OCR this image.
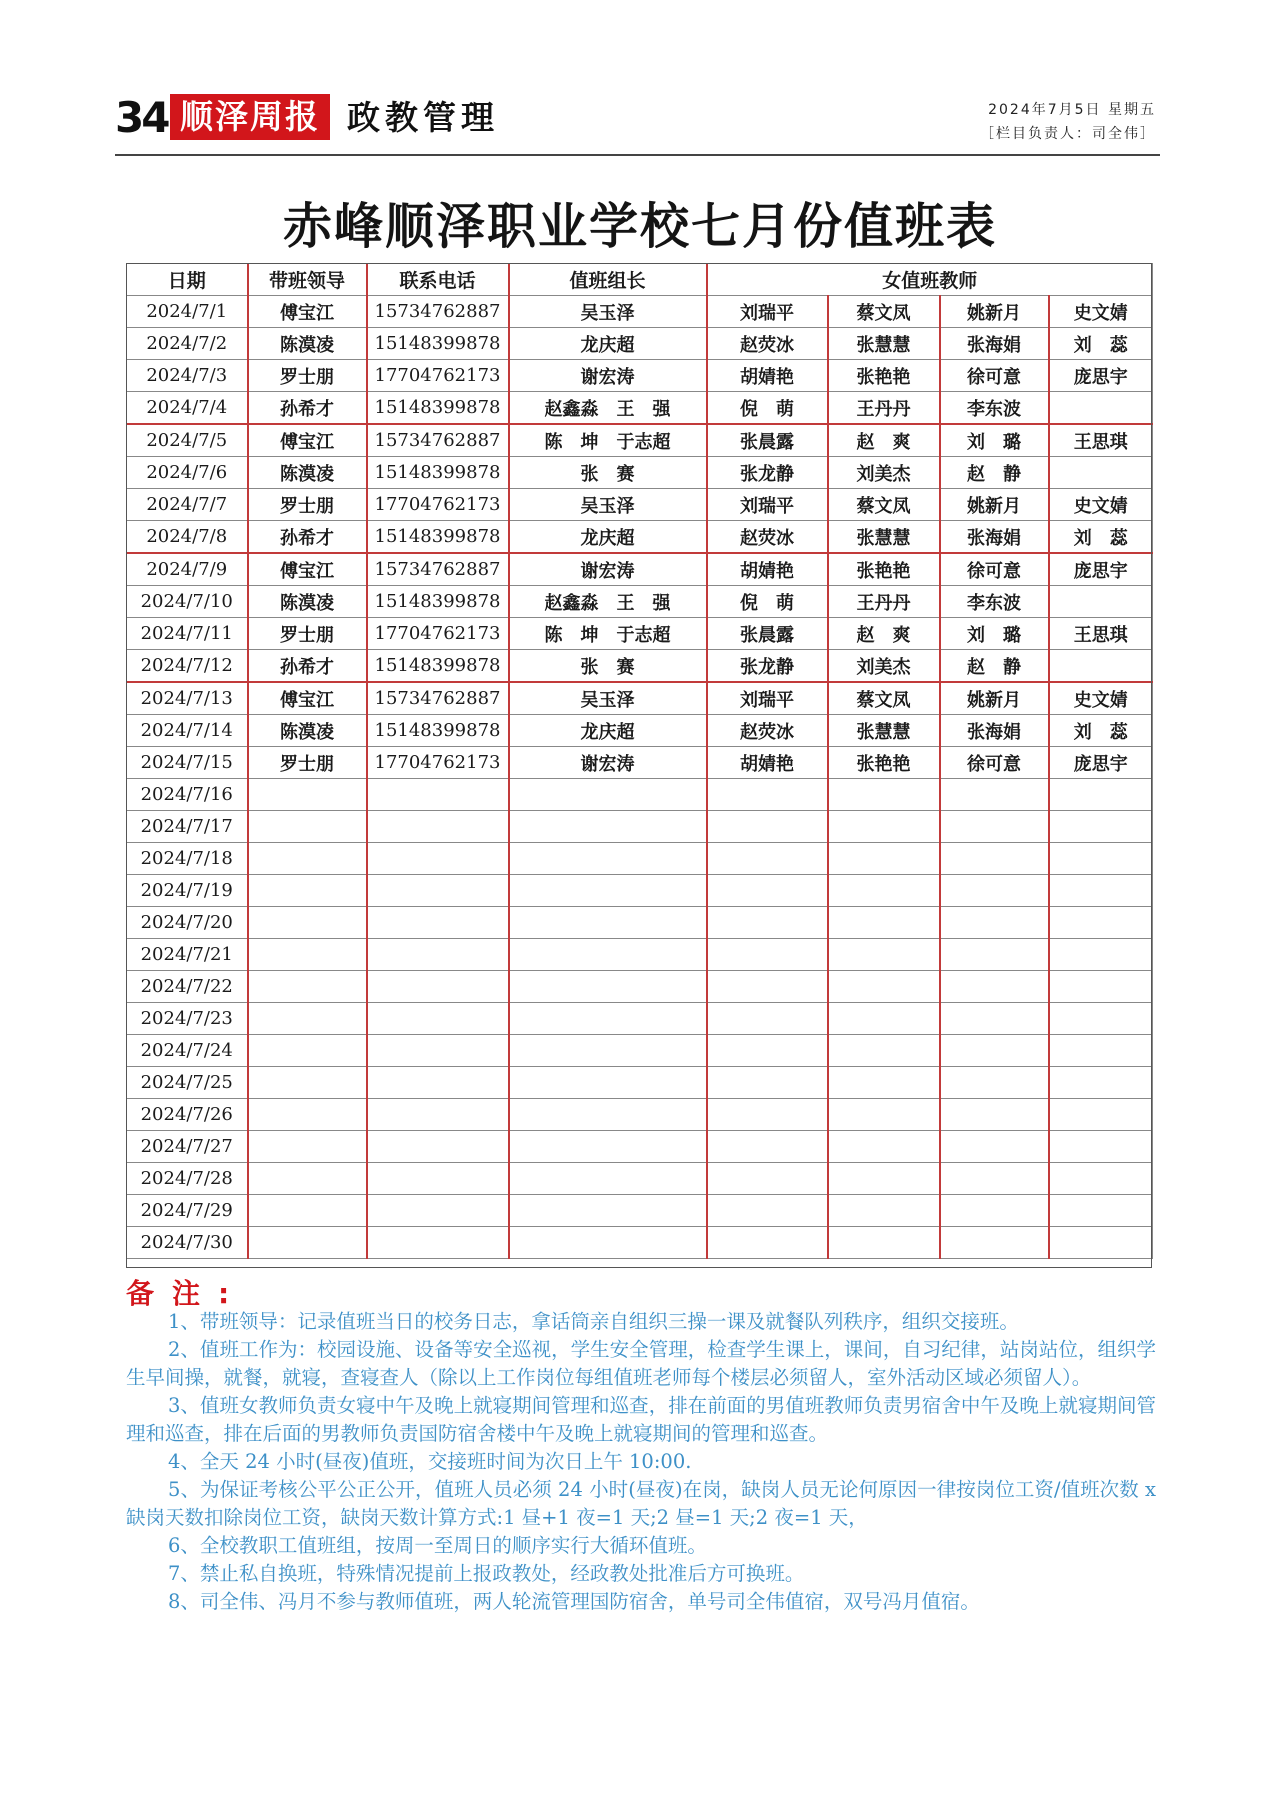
34 顺泽周报 政教管理	2024年7月5日 星期五
［栏目负责人：司全伟］
赤峰顺泽职业学校七月份值班表
日期	带班领导	联系电话	值班组长	女值班教师			
2024/7/1	傅宝江	15734762887	吴玉泽	刘瑞平	蔡文凤	姚新月	史文婧
2024/7/2	陈漠凌	15148399878	龙庆超	赵荧冰	张慧慧	张海娟	刘　蕊
2024/7/3	罗士朋	17704762173	谢宏涛	胡婧艳	张艳艳	徐可意	庞思宇
2024/7/4	孙希才	15148399878	赵鑫淼　王　强	倪　萌	王丹丹	李东波	
2024/7/5	傅宝江	15734762887	陈　坤　于志超	张晨露	赵　爽	刘　璐	王思琪
2024/7/6	陈漠凌	15148399878	张　赛	张龙静	刘美杰	赵　静	
2024/7/7	罗士朋	17704762173	吴玉泽	刘瑞平	蔡文凤	姚新月	史文婧
2024/7/8	孙希才	15148399878	龙庆超	赵荧冰	张慧慧	张海娟	刘　蕊
2024/7/9	傅宝江	15734762887	谢宏涛	胡婧艳	张艳艳	徐可意	庞思宇
2024/7/10	陈漠凌	15148399878	赵鑫淼　王　强	倪　萌	王丹丹	李东波	
2024/7/11	罗士朋	17704762173	陈　坤　于志超	张晨露	赵　爽	刘　璐	王思琪
2024/7/12	孙希才	15148399878	张　赛	张龙静	刘美杰	赵　静	
2024/7/13	傅宝江	15734762887	吴玉泽	刘瑞平	蔡文凤	姚新月	史文婧
2024/7/14	陈漠凌	15148399878	龙庆超	赵荧冰	张慧慧	张海娟	刘　蕊
2024/7/15	罗士朋	17704762173	谢宏涛	胡婧艳	张艳艳	徐可意	庞思宇
2024/7/16							
2024/7/17							
2024/7/18							
2024/7/19							
2024/7/20							
2024/7/21							
2024/7/22							
2024/7/23							
2024/7/24							
2024/7/25							
2024/7/26							
2024/7/27							
2024/7/28							
2024/7/29							
2024/7/30							
备注:

1、带班领导：记录值班当日的校务日志，拿话筒亲自组织三操一课及就餐队列秩序，组织交接班。

2、值班工作为：校园设施、设备等安全巡视，学生安全管理，检查学生课上，课间，自习纪律，站岗站位，组织学生早间操，就餐，就寝，查寝查人（除以上工作岗位每组值班老师每个楼层必须留人，室外活动区域必须留人）。

3、值班女教师负责女寝中午及晚上就寝期间管理和巡查，排在前面的男值班教师负责男宿舍中午及晚上就寝期间管理和巡查，排在后面的男教师负责国防宿舍楼中午及晚上就寝期间的管理和巡查。

4、全天 24 小时(昼夜)值班，交接班时间为次日上午 10:00.

5、为保证考核公平公正公开，值班人员必须 24 小时(昼夜)在岗，缺岗人员无论何原因一律按岗位工资/值班次数 x 缺岗天数扣除岗位工资，缺岗天数计算方式:1 昼+1 夜=1 天;2 昼=1 天;2 夜=1 天，

6、全校教职工值班组，按周一至周日的顺序实行大循环值班。

7、禁止私自换班，特殊情况提前上报政教处，经政教处批准后方可换班。

8、司全伟、冯月不参与教师值班，两人轮流管理国防宿舍，单号司全伟值宿，双号冯月值宿。
